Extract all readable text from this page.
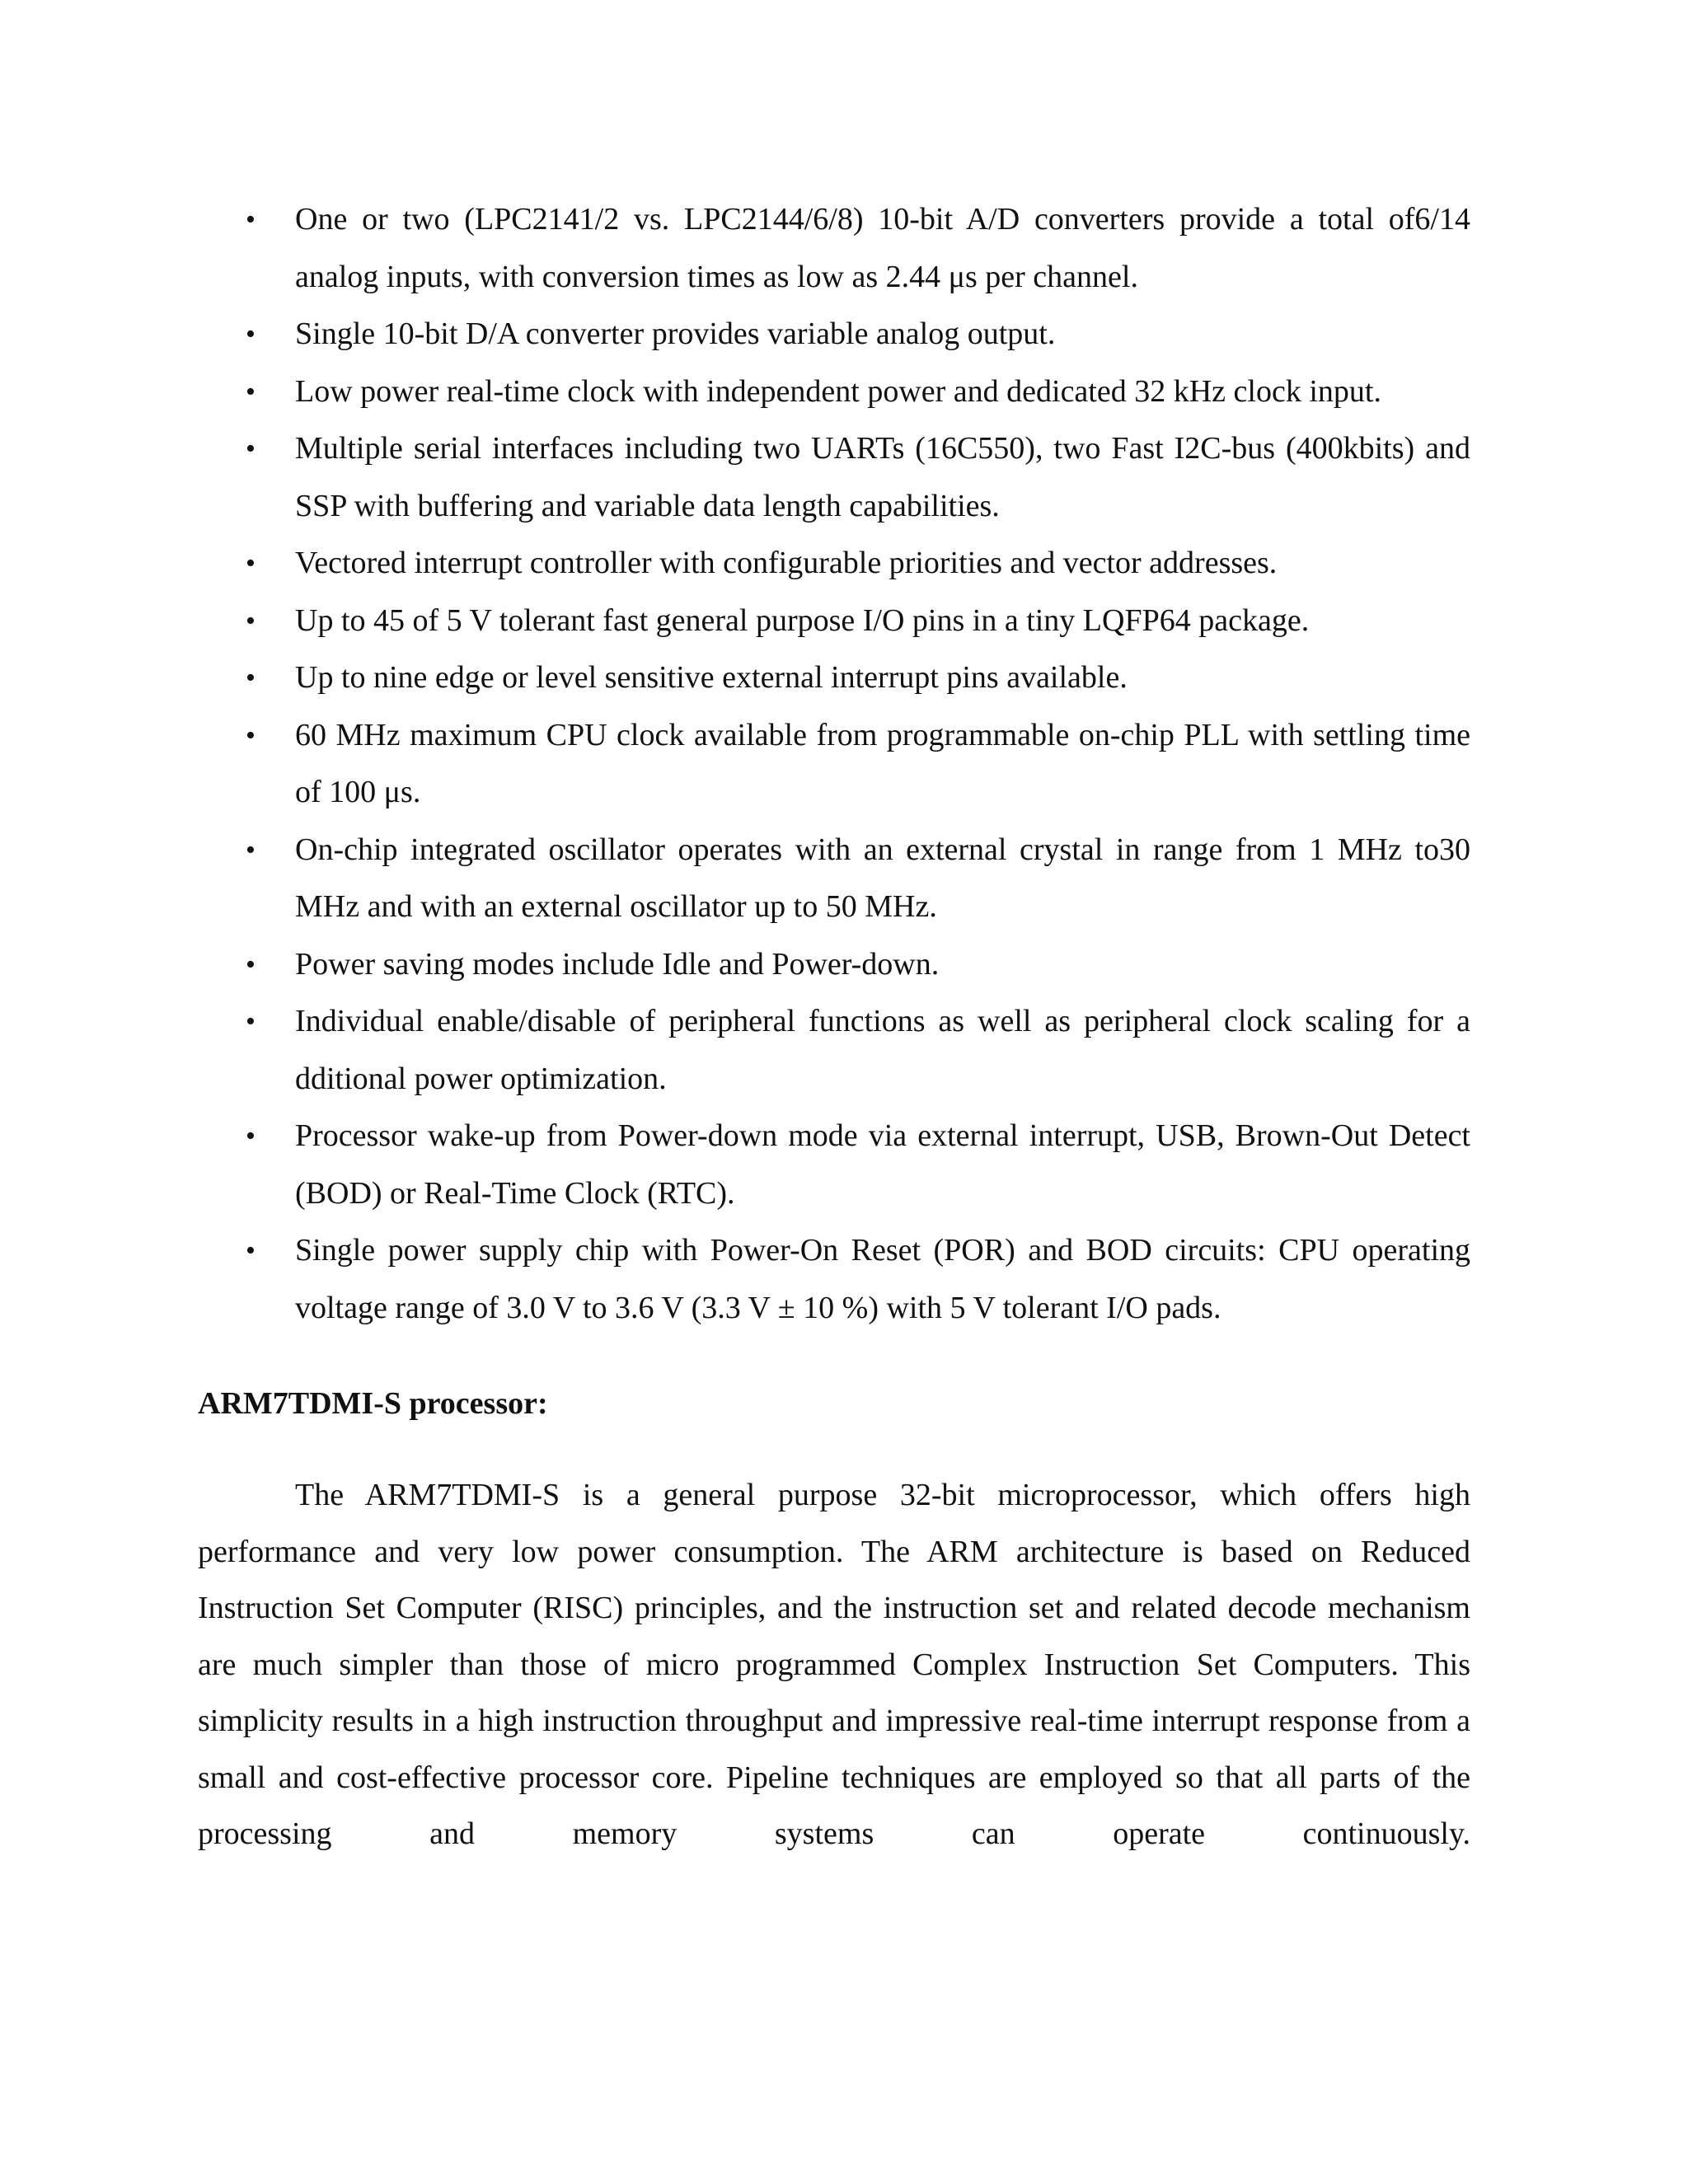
• One or two (LPC2141/2 vs. LPC2144/6/8) 10-bit A/D converters provide a total of6/14 analog inputs, with conversion times as low as 2.44 μs per channel.
• Single 10-bit D/A converter provides variable analog output.
• Low power real-time clock with independent power and dedicated 32 kHz clock input.
• Multiple serial interfaces including two UARTs (16C550), two Fast I2C-bus (400kbits) and SSP with buffering and variable data length capabilities.
• Vectored interrupt controller with configurable priorities and vector addresses.
• Up to 45 of 5 V tolerant fast general purpose I/O pins in a tiny LQFP64 package.
• Up to nine edge or level sensitive external interrupt pins available.
• 60 MHz maximum CPU clock available from programmable on-chip PLL with settling time of 100 μs.
• On-chip integrated oscillator operates with an external crystal in range from 1 MHz to30 MHz and with an external oscillator up to 50 MHz.
• Power saving modes include Idle and Power-down.
• Individual enable/disable of peripheral functions as well as peripheral clock scaling for a dditional power optimization.
• Processor wake-up from Power-down mode via external interrupt, USB, Brown-Out Detect (BOD) or Real-Time Clock (RTC).
• Single power supply chip with Power-On Reset (POR) and BOD circuits: CPU operating voltage range of 3.0 V to 3.6 V (3.3 V ± 10 %) with 5 V tolerant I/O pads.
ARM7TDMI-S processor:

The ARM7TDMI-S is a general purpose 32-bit microprocessor, which offers high performance and very low power consumption. The ARM architecture is based on Reduced Instruction Set Computer (RISC) principles, and the instruction set and related decode mechanism are much simpler than those of micro programmed Complex Instruction Set Computers. This simplicity results in a high instruction throughput and impressive real-time interrupt response from a small and cost-effective processor core. Pipeline techniques are employed so that all parts of the processing and memory systems can operate continuously.
